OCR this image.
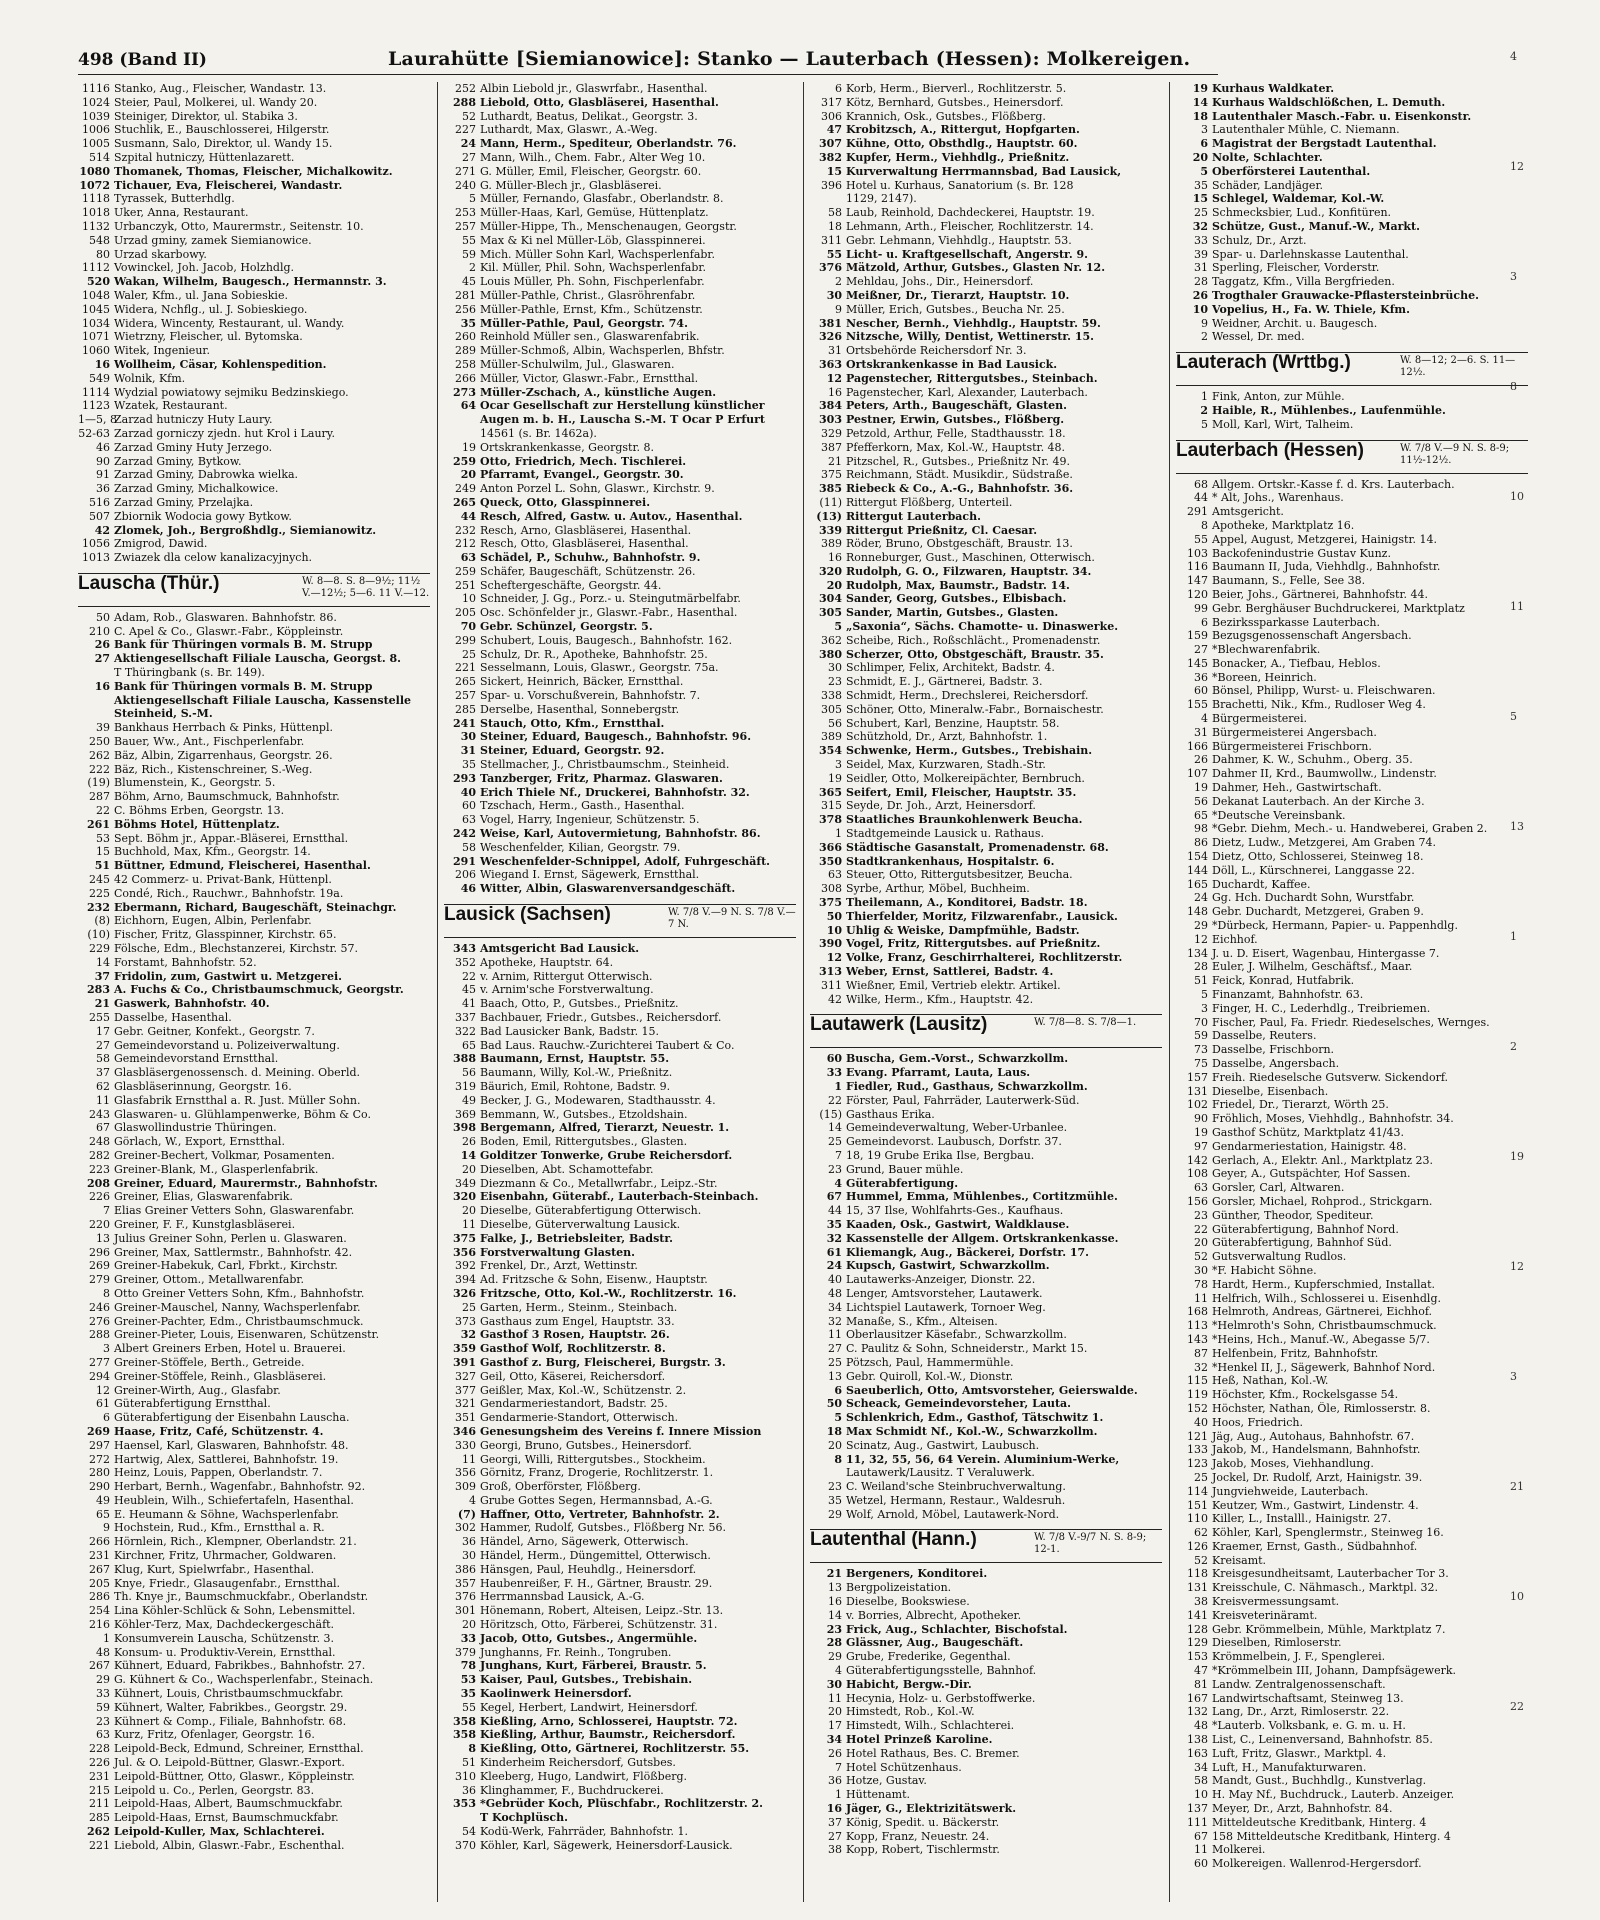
498 (Band II)	Laurahütte [Siemianowice]: Stanko — Lauterbach (Hessen): Molkereigen.
1116 Stanko, Aug., Fleischer, Wandastr. 13.
1024 Steier, Paul, Molkerei, ul. Wandy 20.
1039 Steiniger, Direktor, ul. Stabika 3.
1006 Stuchlik, E., Bauschlosserei, Hilgerstr.
1005 Susmann, Salo, Direktor, ul. Wandy 15.
514 Szpital hutniczy, Hüttenlazarett.
1080 Thomanek, Thomas, Fleischer, Michalkowitz.
1072 Tichauer, Eva, Fleischerei, Wandastr.
1118 Tyrassek, Butterhdlg.
1018 Uker, Anna, Restaurant.
1132 Urbanczyk, Otto, Maurermstr., Seitenstr. 10.
548 Urzad gminy, zamek Siemianowice.
80 Urzad skarbowy.
1112 Vowinckel, Joh. Jacob, Holzhdlg.
520 Wakan, Wilhelm, Baugesch., Hermannstr. 3.
1048 Waler, Kfm., ul. Jana Sobieskie.
1045 Widera, Nchflg., ul. J. Sobieskiego.
1034 Widera, Wincenty, Restaurant, ul. Wandy.
1071 Wietrzny, Fleischer, ul. Bytomska.
1060 Witek, Ingenieur.
16 Wollheim, Cäsar, Kohlenspedition.
549 Wolnik, Kfm.
1114 Wydzial powiatowy sejmiku Bedzinskiego.
1123 Wzatek, Restaurant.
1—5, 8Zarzad hutniczy Huty Laury.
52-63 Zarzad gorniczy zjedn. hut Krol i Laury.
46 Zarzad Gminy Huty Jerzego.
90 Zarzad Gminy, Bytkow.
91 Zarzad Gminy, Dabrowka wielka.
36 Zarzad Gminy, Michalkowice.
516 Zarzad Gminy, Przelajka.
507 Zbiornik Wodocia gowy Bytkow.
42 Zlomek, Joh., Bergroßhdlg., Siemianowitz.
1056 Zmigrod, Dawid.
1013 Zwiazek dla celow kanalizacyjnych.
Lauscha (Thür.)	W. 8—8. S. 8—9½; 11½ V.—12½; 5—6. 11 V.—12.
50 Adam, Rob., Glaswaren. Bahnhofstr. 86.
210 C. Apel & Co., Glaswr.-Fabr., Köppleinstr.
26 Bank für Thüringen vormals B. M. Strupp
27 Aktiengesellschaft Filiale Lauscha, Georgst. 8.
T Thüringbank (s. Br. 149).
16 Bank für Thüringen vormals B. M. Strupp
Aktiengesellschaft Filiale Lauscha, Kassenstelle
Steinheid, S.-M.
39 Bankhaus Herrbach & Pinks, Hüttenpl.
250 Bauer, Ww., Ant., Fischperlenfabr.
262 Bäz, Albin, Zigarrenhaus, Georgstr. 26.
222 Bäz, Rich., Kistenschreiner, S.-Weg.
(19) Blumenstein, K., Georgstr. 5.
287 Böhm, Arno, Baumschmuck, Bahnhofstr.
22 C. Böhms Erben, Georgstr. 13.
261 Böhms Hotel, Hüttenplatz.
53 Sept. Böhm jr., Appar.-Bläserei, Ernstthal.
15 Buchhold, Max, Kfm., Georgstr. 14.
51 Büttner, Edmund, Fleischerei, Hasenthal.
245 42 Commerz- u. Privat-Bank, Hüttenpl.
225 Condé, Rich., Rauchwr., Bahnhofstr. 19a.
232 Ebermann, Richard, Baugeschäft, Steinachgr.
(8) Eichhorn, Eugen, Albin, Perlenfabr.
(10) Fischer, Fritz, Glasspinner, Kirchstr. 65.
229 Fölsche, Edm., Blechstanzerei, Kirchstr. 57.
14 Forstamt, Bahnhofstr. 52.
37 Fridolin, zum, Gastwirt u. Metzgerei.
283 A. Fuchs & Co., Christbaumschmuck, Georgstr.
21 Gaswerk, Bahnhofstr. 40.
255 Dasselbe, Hasenthal.
17 Gebr. Geitner, Konfekt., Georgstr. 7.
27 Gemeindevorstand u. Polizeiverwaltung.
58 Gemeindevorstand Ernstthal.
37 Glasbläsergenossensch. d. Meining. Oberld.
62 Glasbläserinnung, Georgstr. 16.
11 Glasfabrik Ernstthal a. R. Just. Müller Sohn.
243 Glaswaren- u. Glühlampenwerke, Böhm & Co.
67 Glaswollindustrie Thüringen.
248 Görlach, W., Export, Ernstthal.
282 Greiner-Bechert, Volkmar, Posamenten.
223 Greiner-Blank, M., Glasperlenfabrik.
208 Greiner, Eduard, Maurermstr., Bahnhofstr.
226 Greiner, Elias, Glaswarenfabrik.
7 Elias Greiner Vetters Sohn, Glaswarenfabr.
220 Greiner, F. F., Kunstglasbläserei.
13 Julius Greiner Sohn, Perlen u. Glaswaren.
296 Greiner, Max, Sattlermstr., Bahnhofstr. 42.
269 Greiner-Habekuk, Carl, Fbrkt., Kirchstr.
279 Greiner, Ottom., Metallwarenfabr.
8 Otto Greiner Vetters Sohn, Kfm., Bahnhofstr.
246 Greiner-Mauschel, Nanny, Wachsperlenfabr.
276 Greiner-Pachter, Edm., Christbaumschmuck.
288 Greiner-Pieter, Louis, Eisenwaren, Schützenstr.
3 Albert Greiners Erben, Hotel u. Brauerei.
277 Greiner-Stöffele, Berth., Getreide.
294 Greiner-Stöffele, Reinh., Glasbläserei.
12 Greiner-Wirth, Aug., Glasfabr.
61 Güterabfertigung Ernstthal.
6 Güterabfertigung der Eisenbahn Lauscha.
269 Haase, Fritz, Café, Schützenstr. 4.
297 Haensel, Karl, Glaswaren, Bahnhofstr. 48.
272 Hartwig, Alex, Sattlerei, Bahnhofstr. 19.
280 Heinz, Louis, Pappen, Oberlandstr. 7.
290 Herbart, Bernh., Wagenfabr., Bahnhofstr. 92.
49 Heublein, Wilh., Schiefertafeln, Hasenthal.
65 E. Heumann & Söhne, Wachsperlenfabr.
9 Hochstein, Rud., Kfm., Ernstthal a. R.
266 Hörnlein, Rich., Klempner, Oberlandstr. 21.
231 Kirchner, Fritz, Uhrmacher, Goldwaren.
267 Klug, Kurt, Spielwrfabr., Hasenthal.
205 Knye, Friedr., Glasaugenfabr., Ernstthal.
286 Th. Knye jr., Baumschmuckfabr., Oberlandstr.
254 Lina Köhler-Schlück & Sohn, Lebensmittel.
216 Köhler-Terz, Max, Dachdeckergeschäft.
1 Konsumverein Lauscha, Schützenstr. 3.
48 Konsum- u. Produktiv-Verein, Ernstthal.
267 Kühnert, Eduard, Fabrikbes., Bahnhofstr. 27.
29 G. Kühnert & Co., Wachsperlenfabr., Steinach.
33 Kühnert, Louis, Christbaumschmuckfabr.
59 Kühnert, Walter, Fabrikbes., Georgstr. 29.
23 Kühnert & Comp., Filiale, Bahnhofstr. 68.
63 Kurz, Fritz, Ofenlager, Georgstr. 16.
228 Leipold-Beck, Edmund, Schreiner, Ernstthal.
226 Jul. & O. Leipold-Büttner, Glaswr.-Export.
231 Leipold-Büttner, Otto, Glaswr., Köppleinstr.
215 Leipold u. Co., Perlen, Georgstr. 83.
211 Leipold-Haas, Albert, Baumschmuckfabr.
285 Leipold-Haas, Ernst, Baumschmuckfabr.
262 Leipold-Kuller, Max, Schlachterei.
221 Liebold, Albin, Glaswr.-Fabr., Eschenthal.
252 Albin Liebold jr., Glaswrfabr., Hasenthal.
288 Liebold, Otto, Glasbläserei, Hasenthal.
52 Luthardt, Beatus, Delikat., Georgstr. 3.
227 Luthardt, Max, Glaswr., A.-Weg.
24 Mann, Herm., Spediteur, Oberlandstr. 76.
27 Mann, Wilh., Chem. Fabr., Alter Weg 10.
271 G. Müller, Emil, Fleischer, Georgstr. 60.
240 G. Müller-Blech jr., Glasbläserei.
5 Müller, Fernando, Glasfabr., Oberlandstr. 8.
253 Müller-Haas, Karl, Gemüse, Hüttenplatz.
257 Müller-Hippe, Th., Menschenaugen, Georgstr.
55 Max & Ki nel Müller-Löb, Glasspinnerei.
59 Mich. Müller Sohn Karl, Wachsperlenfabr.
2 Kil. Müller, Phil. Sohn, Wachsperlenfabr.
45 Louis Müller, Ph. Sohn, Fischperlenfabr.
281 Müller-Pathle, Christ., Glasröhrenfabr.
256 Müller-Pathle, Ernst, Kfm., Schützenstr.
35 Müller-Pathle, Paul, Georgstr. 74.
260 Reinhold Müller sen., Glaswarenfabrik.
289 Müller-Schmoß, Albin, Wachsperlen, Bhfstr.
258 Müller-Schulwilm, Jul., Glaswaren.
266 Müller, Victor, Glaswr.-Fabr., Ernstthal.
273 Müller-Zschach, A., künstliche Augen.
64 Ocar Gesellschaft zur Herstellung künstlicher
Augen m. b. H., Lauscha S.-M. T Ocar P Erfurt
14561 (s. Br. 1462a).
19 Ortskrankenkasse, Georgstr. 8.
259 Otto, Friedrich, Mech. Tischlerei.
20 Pfarramt, Evangel., Georgstr. 30.
249 Anton Porzel L. Sohn, Glaswr., Kirchstr. 9.
265 Queck, Otto, Glasspinnerei.
44 Resch, Alfred, Gastw. u. Autov., Hasenthal.
232 Resch, Arno, Glasbläserei, Hasenthal.
212 Resch, Otto, Glasbläserei, Hasenthal.
63 Schädel, P., Schuhw., Bahnhofstr. 9.
259 Schäfer, Baugeschäft, Schützenstr. 26.
251 Scheftergeschäfte, Georgstr. 44.
10 Schneider, J. Gg., Porz.- u. Steingutmärbelfabr.
205 Osc. Schönfelder jr., Glaswr.-Fabr., Hasenthal.
70 Gebr. Schünzel, Georgstr. 5.
299 Schubert, Louis, Baugesch., Bahnhofstr. 162.
25 Schulz, Dr. R., Apotheke, Bahnhofstr. 25.
221 Sesselmann, Louis, Glaswr., Georgstr. 75a.
265 Sickert, Heinrich, Bäcker, Ernstthal.
257 Spar- u. Vorschußverein, Bahnhofstr. 7.
285 Derselbe, Hasenthal, Sonnebergstr.
241 Stauch, Otto, Kfm., Ernstthal.
30 Steiner, Eduard, Baugesch., Bahnhofstr. 96.
31 Steiner, Eduard, Georgstr. 92.
35 Stellmacher, J., Christbaumschm., Steinheid.
293 Tanzberger, Fritz, Pharmaz. Glaswaren.
40 Erich Thiele Nf., Druckerei, Bahnhofstr. 32.
60 Tzschach, Herm., Gasth., Hasenthal.
63 Vogel, Harry, Ingenieur, Schützenstr. 5.
242 Weise, Karl, Autovermietung, Bahnhofstr. 86.
58 Weschenfelder, Kilian, Georgstr. 79.
291 Weschenfelder-Schnippel, Adolf, Fuhrgeschäft.
206 Wiegand I. Ernst, Sägewerk, Ernstthal.
46 Witter, Albin, Glaswarenversandgeschäft.
Lausick (Sachsen)	W. 7/8 V.—9 N. S. 7/8 V.—7 N.
343 Amtsgericht Bad Lausick.
352 Apotheke, Hauptstr. 64.
22 v. Arnim, Rittergut Otterwisch.
45 v. Arnim'sche Forstverwaltung.
41 Baach, Otto, P., Gutsbes., Prießnitz.
337 Bachbauer, Friedr., Gutsbes., Reichersdorf.
322 Bad Lausicker Bank, Badstr. 15.
65 Bad Laus. Rauchw.-Zurichterei Taubert & Co.
388 Baumann, Ernst, Hauptstr. 55.
56 Baumann, Willy, Kol.-W., Prießnitz.
319 Bäurich, Emil, Rohtone, Badstr. 9.
49 Becker, J. G., Modewaren, Stadthausstr. 4.
369 Bemmann, W., Gutsbes., Etzoldshain.
398 Bergemann, Alfred, Tierarzt, Neuestr. 1.
26 Boden, Emil, Rittergutsbes., Glasten.
14 Golditzer Tonwerke, Grube Reichersdorf.
20 Dieselben, Abt. Schamottefabr.
349 Diezmann & Co., Metallwrfabr., Leipz.-Str.
320 Eisenbahn, Güterabf., Lauterbach-Steinbach.
20 Dieselbe, Güterabfertigung Otterwisch.
11 Dieselbe, Güterverwaltung Lausick.
375 Falke, J., Betriebsleiter, Badstr.
356 Forstverwaltung Glasten.
392 Frenkel, Dr., Arzt, Wettinstr.
394 Ad. Fritzsche & Sohn, Eisenw., Hauptstr.
326 Fritzsche, Otto, Kol.-W., Rochlitzerstr. 16.
25 Garten, Herm., Steinm., Steinbach.
373 Gasthaus zum Engel, Hauptstr. 33.
32 Gasthof 3 Rosen, Hauptstr. 26.
359 Gasthof Wolf, Rochlitzerstr. 8.
391 Gasthof z. Burg, Fleischerei, Burgstr. 3.
327 Geil, Otto, Käserei, Reichersdorf.
377 Geißler, Max, Kol.-W., Schützenstr. 2.
321 Gendarmeriestandort, Badstr. 25.
351 Gendarmerie-Standort, Otterwisch.
346 Genesungsheim des Vereins f. Innere Mission
330 Georgi, Bruno, Gutsbes., Heinersdorf.
11 Georgi, Willi, Rittergutsbes., Stockheim.
356 Görnitz, Franz, Drogerie, Rochlitzerstr. 1.
309 Groß, Oberförster, Flößberg.
4 Grube Gottes Segen, Hermannsbad, A.-G.
(7) Haffner, Otto, Vertreter, Bahnhofstr. 2.
302 Hammer, Rudolf, Gutsbes., Flößberg Nr. 56.
36 Händel, Arno, Sägewerk, Otterwisch.
30 Händel, Herm., Düngemittel, Otterwisch.
386 Hänsgen, Paul, Heuhdlg., Heinersdorf.
357 Haubenreißer, F. H., Gärtner, Braustr. 29.
376 Herrmannsbad Lausick, A.-G.
301 Hönemann, Robert, Alteisen, Leipz.-Str. 13.
20 Höritzsch, Otto, Färberei, Schützenstr. 31.
33 Jacob, Otto, Gutsbes., Angermühle.
379 Junghanns, Fr. Reinh., Tongruben.
78 Junghans, Kurt, Färberei, Braustr. 5.
53 Kaiser, Paul, Gutsbes., Trebishain.
35 Kaolinwerk Heinersdorf.
55 Kegel, Herbert, Landwirt, Heinersdorf.
358 Kießling, Arno, Schlosserei, Hauptstr. 72.
358 Kießling, Arthur, Baumstr., Reichersdorf.
8 Kießling, Otto, Gärtnerei, Rochlitzerstr. 55.
51 Kinderheim Reichersdorf, Gutsbes.
310 Kleeberg, Hugo, Landwirt, Flößberg.
36 Klinghammer, F., Buchdruckerei.
353 *Gebrüder Koch, Plüschfabr., Rochlitzerstr. 2.
T Kochplüsch.
54 Kodü-Werk, Fahrräder, Bahnhofstr. 1.
370 Köhler, Karl, Sägewerk, Heinersdorf-Lausick.
6 Korb, Herm., Bierverl., Rochlitzerstr. 5.
317 Kötz, Bernhard, Gutsbes., Heinersdorf.
306 Krannich, Osk., Gutsbes., Flößberg.
47 Krobitzsch, A., Rittergut, Hopfgarten.
307 Kühne, Otto, Obsthdlg., Hauptstr. 60.
382 Kupfer, Herm., Viehhdlg., Prießnitz.
15 Kurverwaltung Herrmannsbad, Bad Lausick,
396 Hotel u. Kurhaus, Sanatorium (s. Br. 128
1129, 2147).
58 Laub, Reinhold, Dachdeckerei, Hauptstr. 19.
18 Lehmann, Arth., Fleischer, Rochlitzerstr. 14.
311 Gebr. Lehmann, Viehhdlg., Hauptstr. 53.
55 Licht- u. Kraftgesellschaft, Angerstr. 9.
376 Mätzold, Arthur, Gutsbes., Glasten Nr. 12.
2 Mehldau, Johs., Dir., Heinersdorf.
30 Meißner, Dr., Tierarzt, Hauptstr. 10.
9 Müller, Erich, Gutsbes., Beucha Nr. 25.
381 Nescher, Bernh., Viehhdlg., Hauptstr. 59.
326 Nitzsche, Willy, Dentist, Wettinerstr. 15.
31 Ortsbehörde Reichersdorf Nr. 3.
363 Ortskrankenkasse in Bad Lausick.
12 Pagenstecher, Rittergutsbes., Steinbach.
16 Pagenstecher, Karl, Alexander, Lauterbach.
384 Peters, Arth., Baugeschäft, Glasten.
303 Pestner, Erwin, Gutsbes., Flößberg.
329 Petzold, Arthur, Felle, Stadthausstr. 18.
387 Pfefferkorn, Max, Kol.-W., Hauptstr. 48.
21 Pitzschel, R., Gutsbes., Prießnitz Nr. 49.
375 Reichmann, Städt. Musikdir., Südstraße.
385 Riebeck & Co., A.-G., Bahnhofstr. 36.
(11) Rittergut Flößberg, Unterteil.
(13) Rittergut Lauterbach.
339 Rittergut Prießnitz, Cl. Caesar.
389 Röder, Bruno, Obstgeschäft, Braustr. 13.
16 Ronneburger, Gust., Maschinen, Otterwisch.
320 Rudolph, G. O., Filzwaren, Hauptstr. 34.
20 Rudolph, Max, Baumstr., Badstr. 14.
304 Sander, Georg, Gutsbes., Elbisbach.
305 Sander, Martin, Gutsbes., Glasten.
5 „Saxonia“, Sächs. Chamotte- u. Dinaswerke.
362 Scheibe, Rich., Roßschlächt., Promenadenstr.
380 Scherzer, Otto, Obstgeschäft, Braustr. 35.
30 Schlimper, Felix, Architekt, Badstr. 4.
23 Schmidt, E. J., Gärtnerei, Badstr. 3.
338 Schmidt, Herm., Drechslerei, Reichersdorf.
305 Schöner, Otto, Mineralw.-Fabr., Bornaischestr.
56 Schubert, Karl, Benzine, Hauptstr. 58.
389 Schützhold, Dr., Arzt, Bahnhofstr. 1.
354 Schwenke, Herm., Gutsbes., Trebishain.
3 Seidel, Max, Kurzwaren, Stadh.-Str.
19 Seidler, Otto, Molkereipächter, Bernbruch.
365 Seifert, Emil, Fleischer, Hauptstr. 35.
315 Seyde, Dr. Joh., Arzt, Heinersdorf.
378 Staatliches Braunkohlenwerk Beucha.
1 Stadtgemeinde Lausick u. Rathaus.
366 Städtische Gasanstalt, Promenadenstr. 68.
350 Stadtkrankenhaus, Hospitalstr. 6.
63 Steuer, Otto, Rittergutsbesitzer, Beucha.
308 Syrbe, Arthur, Möbel, Buchheim.
375 Theilemann, A., Konditorei, Badstr. 18.
50 Thierfelder, Moritz, Filzwarenfabr., Lausick.
10 Uhlig & Weiske, Dampfmühle, Badstr.
390 Vogel, Fritz, Rittergutsbes. auf Prießnitz.
12 Volke, Franz, Geschirrhalterei, Rochlitzerstr.
313 Weber, Ernst, Sattlerei, Badstr. 4.
311 Wießner, Emil, Vertrieb elektr. Artikel.
42 Wilke, Herm., Kfm., Hauptstr. 42.
Lautawerk (Lausitz)	W. 7/8—8. S. 7/8—1.
60 Buscha, Gem.-Vorst., Schwarzkollm.
33 Evang. Pfarramt, Lauta, Laus.
1 Fiedler, Rud., Gasthaus, Schwarzkollm.
22 Förster, Paul, Fahrräder, Lauterwerk-Süd.
(15) Gasthaus Erika.
14 Gemeindeverwaltung, Weber-Urbanlee.
25 Gemeindevorst. Laubusch, Dorfstr. 37.
7 18, 19 Grube Erika Ilse, Bergbau.
23 Grund, Bauer mühle.
4 Güterabfertigung.
67 Hummel, Emma, Mühlenbes., Cortitzmühle.
44 15, 37 Ilse, Wohlfahrts-Ges., Kaufhaus.
35 Kaaden, Osk., Gastwirt, Waldklause.
32 Kassenstelle der Allgem. Ortskrankenkasse.
61 Kliemangk, Aug., Bäckerei, Dorfstr. 17.
24 Kupsch, Gastwirt, Schwarzkollm.
40 Lautawerks-Anzeiger, Dionstr. 22.
48 Lenger, Amtsvorsteher, Lautawerk.
34 Lichtspiel Lautawerk, Tornoer Weg.
32 Manaße, S., Kfm., Alteisen.
11 Oberlausitzer Käsefabr., Schwarzkollm.
27 C. Paulitz & Sohn, Schneiderstr., Markt 15.
25 Pötzsch, Paul, Hammermühle.
13 Gebr. Quiroll, Kol.-W., Dionstr.
6 Saeuberlich, Otto, Amtsvorsteher, Geierswalde.
50 Scheack, Gemeindevorsteher, Lauta.
5 Schlenkrich, Edm., Gasthof, Tätschwitz 1.
18 Max Schmidt Nf., Kol.-W., Schwarzkollm.
20 Scinatz, Aug., Gastwirt, Laubusch.
8 11, 32, 55, 56, 64 Verein. Aluminium-Werke,
Lautawerk/Lausitz. T Veraluwerk.
23 C. Weiland'sche Steinbruchverwaltung.
35 Wetzel, Hermann, Restaur., Waldesruh.
29 Wolf, Arnold, Möbel, Lautawerk-Nord.
Lautenthal (Hann.)	W. 7/8 V.-9/7 N. S. 8-9; 12-1.
21 Bergeners, Konditorei.
13 Bergpolizeistation.
16 Dieselbe, Bookswiese.
14 v. Borries, Albrecht, Apotheker.
23 Frick, Aug., Schlachter, Bischofstal.
28 Glässner, Aug., Baugeschäft.
29 Grube, Frederike, Gegenthal.
4 Güterabfertigungsstelle, Bahnhof.
30 Habicht, Bergw.-Dir.
11 Hecynia, Holz- u. Gerbstoffwerke.
20 Himstedt, Rob., Kol.-W.
17 Himstedt, Wilh., Schlachterei.
34 Hotel Prinzeß Karoline.
26 Hotel Rathaus, Bes. C. Bremer.
7 Hotel Schützenhaus.
36 Hotze, Gustav.
1 Hüttenamt.
16 Jäger, G., Elektrizitätswerk.
37 König, Spedit. u. Bäckerstr.
27 Kopp, Franz, Neuestr. 24.
38 Kopp, Robert, Tischlermstr.
19 Kurhaus Waldkater.
14 Kurhaus Waldschlößchen, L. Demuth.
18 Lautenthaler Masch.-Fabr. u. Eisenkonstr.
3 Lautenthaler Mühle, C. Niemann.
6 Magistrat der Bergstadt Lautenthal.
20 Nolte, Schlachter.
5 Oberförsterei Lautenthal.
35 Schäder, Landjäger.
15 Schlegel, Waldemar, Kol.-W.
25 Schmecksbier, Lud., Konfitüren.
32 Schütze, Gust., Manuf.-W., Markt.
33 Schulz, Dr., Arzt.
39 Spar- u. Darlehnskasse Lautenthal.
31 Sperling, Fleischer, Vorderstr.
28 Taggatz, Kfm., Villa Bergfrieden.
26 Trogthaler Grauwacke-Pflastersteinbrüche.
10 Vopelius, H., Fa. W. Thiele, Kfm.
9 Weidner, Archit. u. Baugesch.
2 Wessel, Dr. med.
Lauterach (Wrttbg.)	W. 8—12; 2—6. S. 11—12½.
1 Fink, Anton, zur Mühle.
2 Haible, R., Mühlenbes., Laufenmühle.
5 Moll, Karl, Wirt, Talheim.
Lauterbach (Hessen)	W. 7/8 V.—9 N. S. 8-9; 11½-12½.
68 Allgem. Ortskr.-Kasse f. d. Krs. Lauterbach.
44 * Alt, Johs., Warenhaus.
291 Amtsgericht.
8 Apotheke, Marktplatz 16.
55 Appel, August, Metzgerei, Hainigstr. 14.
103 Backofenindustrie Gustav Kunz.
116 Baumann II, Juda, Viehhdlg., Bahnhofstr.
147 Baumann, S., Felle, See 38.
120 Beier, Johs., Gärtnerei, Bahnhofstr. 44.
99 Gebr. Berghäuser Buchdruckerei, Marktplatz
6 Bezirkssparkasse Lauterbach.
159 Bezugsgenossenschaft Angersbach.
27 *Blechwarenfabrik.
145 Bonacker, A., Tiefbau, Heblos.
36 *Boreen, Heinrich.
60 Bönsel, Philipp, Wurst- u. Fleischwaren.
155 Brachetti, Nik., Kfm., Rudloser Weg 4.
4 Bürgermeisterei.
31 Bürgermeisterei Angersbach.
166 Bürgermeisterei Frischborn.
26 Dahmer, K. W., Schuhm., Oberg. 35.
107 Dahmer II, Krd., Baumwollw., Lindenstr.
19 Dahmer, Heh., Gastwirtschaft.
56 Dekanat Lauterbach. An der Kirche 3.
65 *Deutsche Vereinsbank.
98 *Gebr. Diehm, Mech.- u. Handweberei, Graben 2.
86 Dietz, Ludw., Metzgerei, Am Graben 74.
154 Dietz, Otto, Schlosserei, Steinweg 18.
144 Döll, L., Kürschnerei, Langgasse 22.
165 Duchardt, Kaffee.
24 Gg. Hch. Duchardt Sohn, Wurstfabr.
148 Gebr. Duchardt, Metzgerei, Graben 9.
29 *Dürbeck, Hermann, Papier- u. Pappenhdlg.
12 Eichhof.
134 J. u. D. Eisert, Wagenbau, Hintergasse 7.
28 Euler, J. Wilhelm, Geschäftsf., Maar.
51 Feick, Konrad, Hutfabrik.
5 Finanzamt, Bahnhofstr. 63.
3 Finger, H. C., Lederhdlg., Treibriemen.
70 Fischer, Paul, Fa. Friedr. Riedeselsches, Wernges.
59 Dasselbe, Reuters.
73 Dasselbe, Frischborn.
75 Dasselbe, Angersbach.
157 Freih. Riedeselsche Gutsverw. Sickendorf.
131 Dieselbe, Eisenbach.
102 Friedel, Dr., Tierarzt, Wörth 25.
90 Fröhlich, Moses, Viehhdlg., Bahnhofstr. 34.
19 Gasthof Schütz, Marktplatz 41/43.
97 Gendarmeriestation, Hainigstr. 48.
142 Gerlach, A., Elektr. Anl., Marktplatz 23.
108 Geyer, A., Gutspächter, Hof Sassen.
63 Gorsler, Carl, Altwaren.
156 Gorsler, Michael, Rohprod., Strickgarn.
23 Günther, Theodor, Spediteur.
22 Güterabfertigung, Bahnhof Nord.
20 Güterabfertigung, Bahnhof Süd.
52 Gutsverwaltung Rudlos.
30 *F. Habicht Söhne.
78 Hardt, Herm., Kupferschmied, Installat.
11 Helfrich, Wilh., Schlosserei u. Eisenhdlg.
168 Helmroth, Andreas, Gärtnerei, Eichhof.
113 *Helmroth's Sohn, Christbaumschmuck.
143 *Heins, Hch., Manuf.-W., Abegasse 5/7.
87 Helfenbein, Fritz, Bahnhofstr.
32 *Henkel II, J., Sägewerk, Bahnhof Nord.
115 Heß, Nathan, Kol.-W.
119 Höchster, Kfm., Rockelsgasse 54.
152 Höchster, Nathan, Öle, Rimlosserstr. 8.
40 Hoos, Friedrich.
121 Jäg, Aug., Autohaus, Bahnhofstr. 67.
133 Jakob, M., Handelsmann, Bahnhofstr.
123 Jakob, Moses, Viehhandlung.
25 Jockel, Dr. Rudolf, Arzt, Hainigstr. 39.
114 Jungviehweide, Lauterbach.
151 Keutzer, Wm., Gastwirt, Lindenstr. 4.
110 Killer, L., Installl., Hainigstr. 27.
62 Köhler, Karl, Spenglermstr., Steinweg 16.
126 Kraemer, Ernst, Gasth., Südbahnhof.
52 Kreisamt.
118 Kreisgesundheitsamt, Lauterbacher Tor 3.
131 Kreisschule, C. Nähmasch., Marktpl. 32.
38 Kreisvermessungsamt.
141 Kreisveterinäramt.
128 Gebr. Krömmelbein, Mühle, Marktplatz 7.
129 Dieselben, Rimloserstr.
153 Krömmelbein, J. F., Spenglerei.
47 *Krömmelbein III, Johann, Dampfsägewerk.
81 Landw. Zentralgenossenschaft.
167 Landwirtschaftsamt, Steinweg 13.
132 Lang, Dr., Arzt, Rimloserstr. 22.
48 *Lauterb. Volksbank, e. G. m. u. H.
138 List, C., Leinenversand, Bahnhofstr. 85.
163 Luft, Fritz, Glaswr., Marktpl. 4.
34 Luft, H., Manufakturwaren.
58 Mandt, Gust., Buchhdlg., Kunstverlag.
10 H. May Nf., Buchdruck., Lauterb. Anzeiger.
137 Meyer, Dr., Arzt, Bahnhofstr. 84.
111 Mitteldeutsche Kreditbank, Hinterg. 4
67 158 Mitteldeutsche Kreditbank, Hinterg. 4
11 Molkerei.
60 Molkereigen. Wallenrod-Hergersdorf.
4
12
3
8
10
11
5
13
1
2
19
12
3
21
10
22
